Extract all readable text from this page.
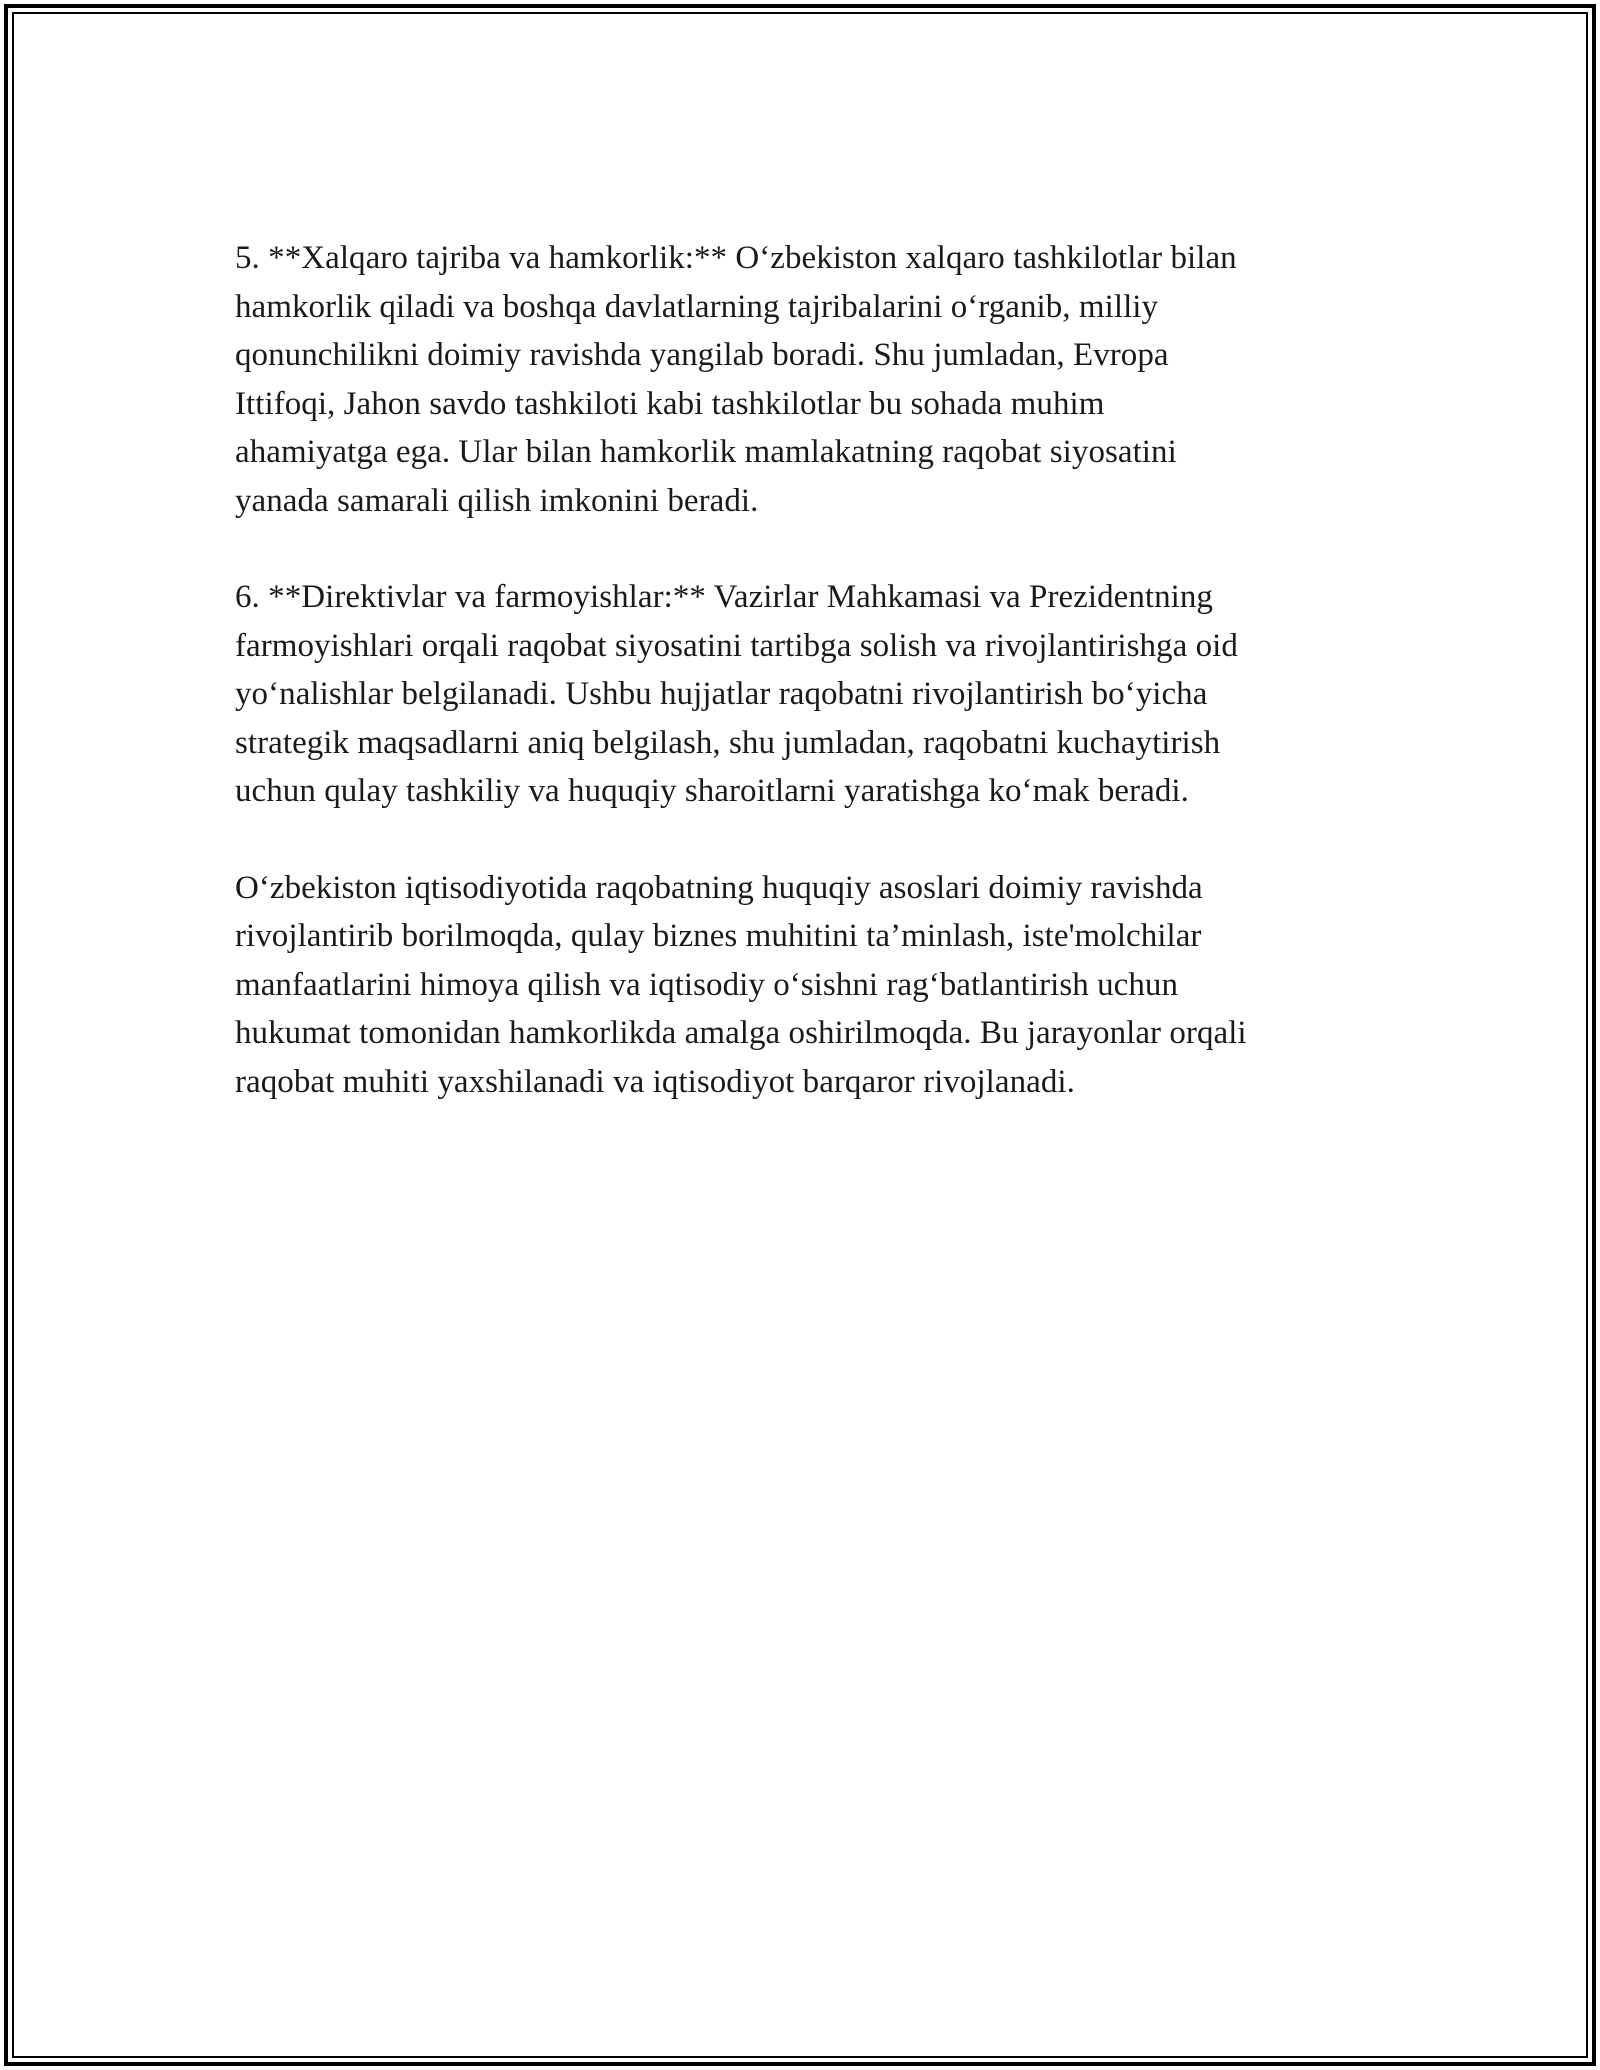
5. **Xalqaro tajriba va hamkorlik:** Oʻzbekiston xalqaro tashkilotlar bilan
hamkorlik qiladi va boshqa davlatlarning tajribalarini oʻrganib, milliy
qonunchilikni doimiy ravishda yangilab boradi. Shu jumladan, Evropa
Ittifoqi, Jahon savdo tashkiloti kabi tashkilotlar bu sohada muhim
ahamiyatga ega. Ular bilan hamkorlik mamlakatning raqobat siyosatini
yanada samarali qilish imkonini beradi.

6. **Direktivlar va farmoyishlar:** Vazirlar Mahkamasi va Prezidentning
farmoyishlari orqali raqobat siyosatini tartibga solish va rivojlantirishga oid
yoʻnalishlar belgilanadi. Ushbu hujjatlar raqobatni rivojlantirish boʻyicha
strategik maqsadlarni aniq belgilash, shu jumladan, raqobatni kuchaytirish
uchun qulay tashkiliy va huquqiy sharoitlarni yaratishga koʻmak beradi.

Oʻzbekiston iqtisodiyotida raqobatning huquqiy asoslari doimiy ravishda
rivojlantirib borilmoqda, qulay biznes muhitini ta’minlash, iste'molchilar
manfaatlarini himoya qilish va iqtisodiy oʻsishni ragʻbatlantirish uchun
hukumat tomonidan hamkorlikda amalga oshirilmoqda. Bu jarayonlar orqali
raqobat muhiti yaxshilanadi va iqtisodiyot barqaror rivojlanadi.
